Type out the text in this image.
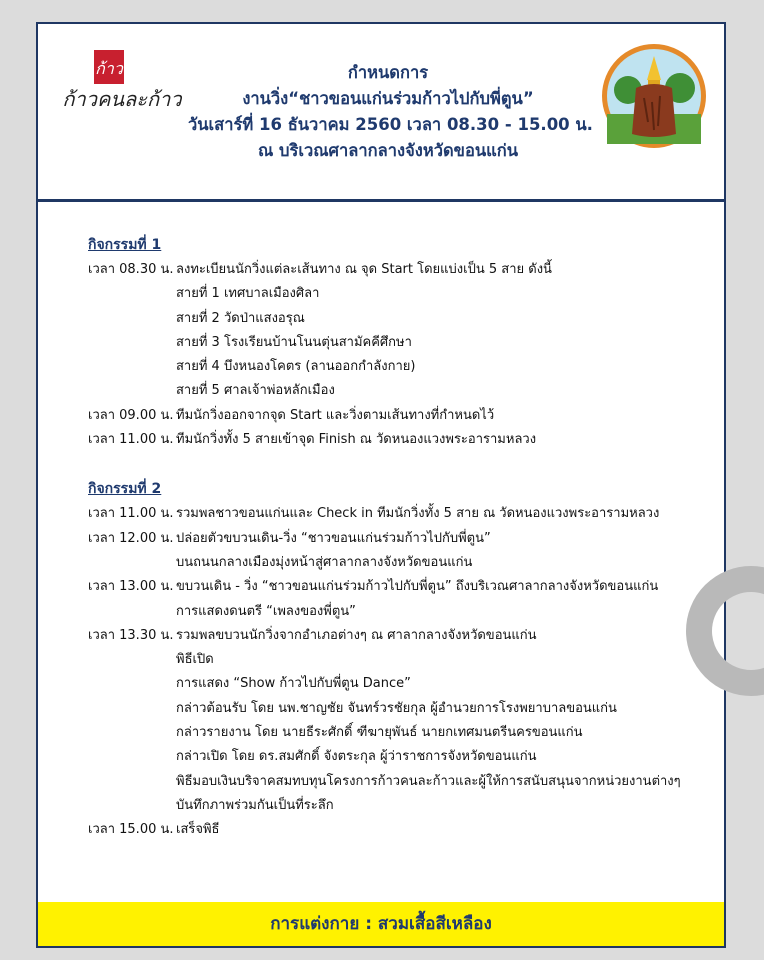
ก้าว
ก้าวคนละก้าว
กำหนดการ
งานวิ่ง“ชาวขอนแก่นร่วมก้าวไปกับพี่ตูน”
วันเสาร์ที่ 16 ธันวาคม 2560 เวลา 08.30 - 15.00 น.
ณ บริเวณศาลากลางจังหวัดขอนแก่น
กิจกรรมที่ 1
เวลา 08.30 น. ลงทะเบียนนักวิ่งแต่ละเส้นทาง ณ จุด Start โดยแบ่งเป็น 5 สาย ดังนี้
สายที่ 1 เทศบาลเมืองศิลา
สายที่ 2 วัดป่าแสงอรุณ
สายที่ 3 โรงเรียนบ้านโนนตุ่นสามัคคีศึกษา
สายที่ 4 บึงหนองโคตร (ลานออกกำลังกาย)
สายที่ 5 ศาลเจ้าพ่อหลักเมือง
เวลา 09.00 น. ทีมนักวิ่งออกจากจุด Start และวิ่งตามเส้นทางที่กำหนดไว้
เวลา 11.00 น. ทีมนักวิ่งทั้ง 5 สายเข้าจุด Finish ณ วัดหนองแวงพระอารามหลวง
กิจกรรมที่ 2
เวลา 11.00 น. รวมพลชาวขอนแก่นและ Check in ทีมนักวิ่งทั้ง 5 สาย ณ วัดหนองแวงพระอารามหลวง
เวลา 12.00 น. ปล่อยตัวขบวนเดิน-วิ่ง “ชาวขอนแก่นร่วมก้าวไปกับพี่ตูน”
บนถนนกลางเมืองมุ่งหน้าสู่ศาลากลางจังหวัดขอนแก่น
เวลา 13.00 น. ขบวนเดิน - วิ่ง “ชาวขอนแก่นร่วมก้าวไปกับพี่ตูน” ถึงบริเวณศาลากลางจังหวัดขอนแก่น
การแสดงดนตรี “เพลงของพี่ตูน”
เวลา 13.30 น. รวมพลขบวนนักวิ่งจากอำเภอต่างๆ ณ ศาลากลางจังหวัดขอนแก่น
พิธีเปิด
การแสดง “Show ก้าวไปกับพี่ตูน Dance”
กล่าวต้อนรับ โดย นพ.ชาญชัย จันทร์วรชัยกุล ผู้อำนวยการโรงพยาบาลขอนแก่น
กล่าวรายงาน โดย นายธีระศักดิ์ ฑีฆายุพันธ์ นายกเทศมนตรีนครขอนแก่น
กล่าวเปิด โดย ดร.สมศักดิ์ จังตระกุล ผู้ว่าราชการจังหวัดขอนแก่น
พิธีมอบเงินบริจาคสมทบทุนโครงการก้าวคนละก้าวและผู้ให้การสนับสนุนจากหน่วยงานต่างๆ
บันทึกภาพร่วมกันเป็นที่ระลึก
เวลา 15.00 น. เสร็จพิธี
การแต่งกาย : สวมเสื้อสีเหลือง
